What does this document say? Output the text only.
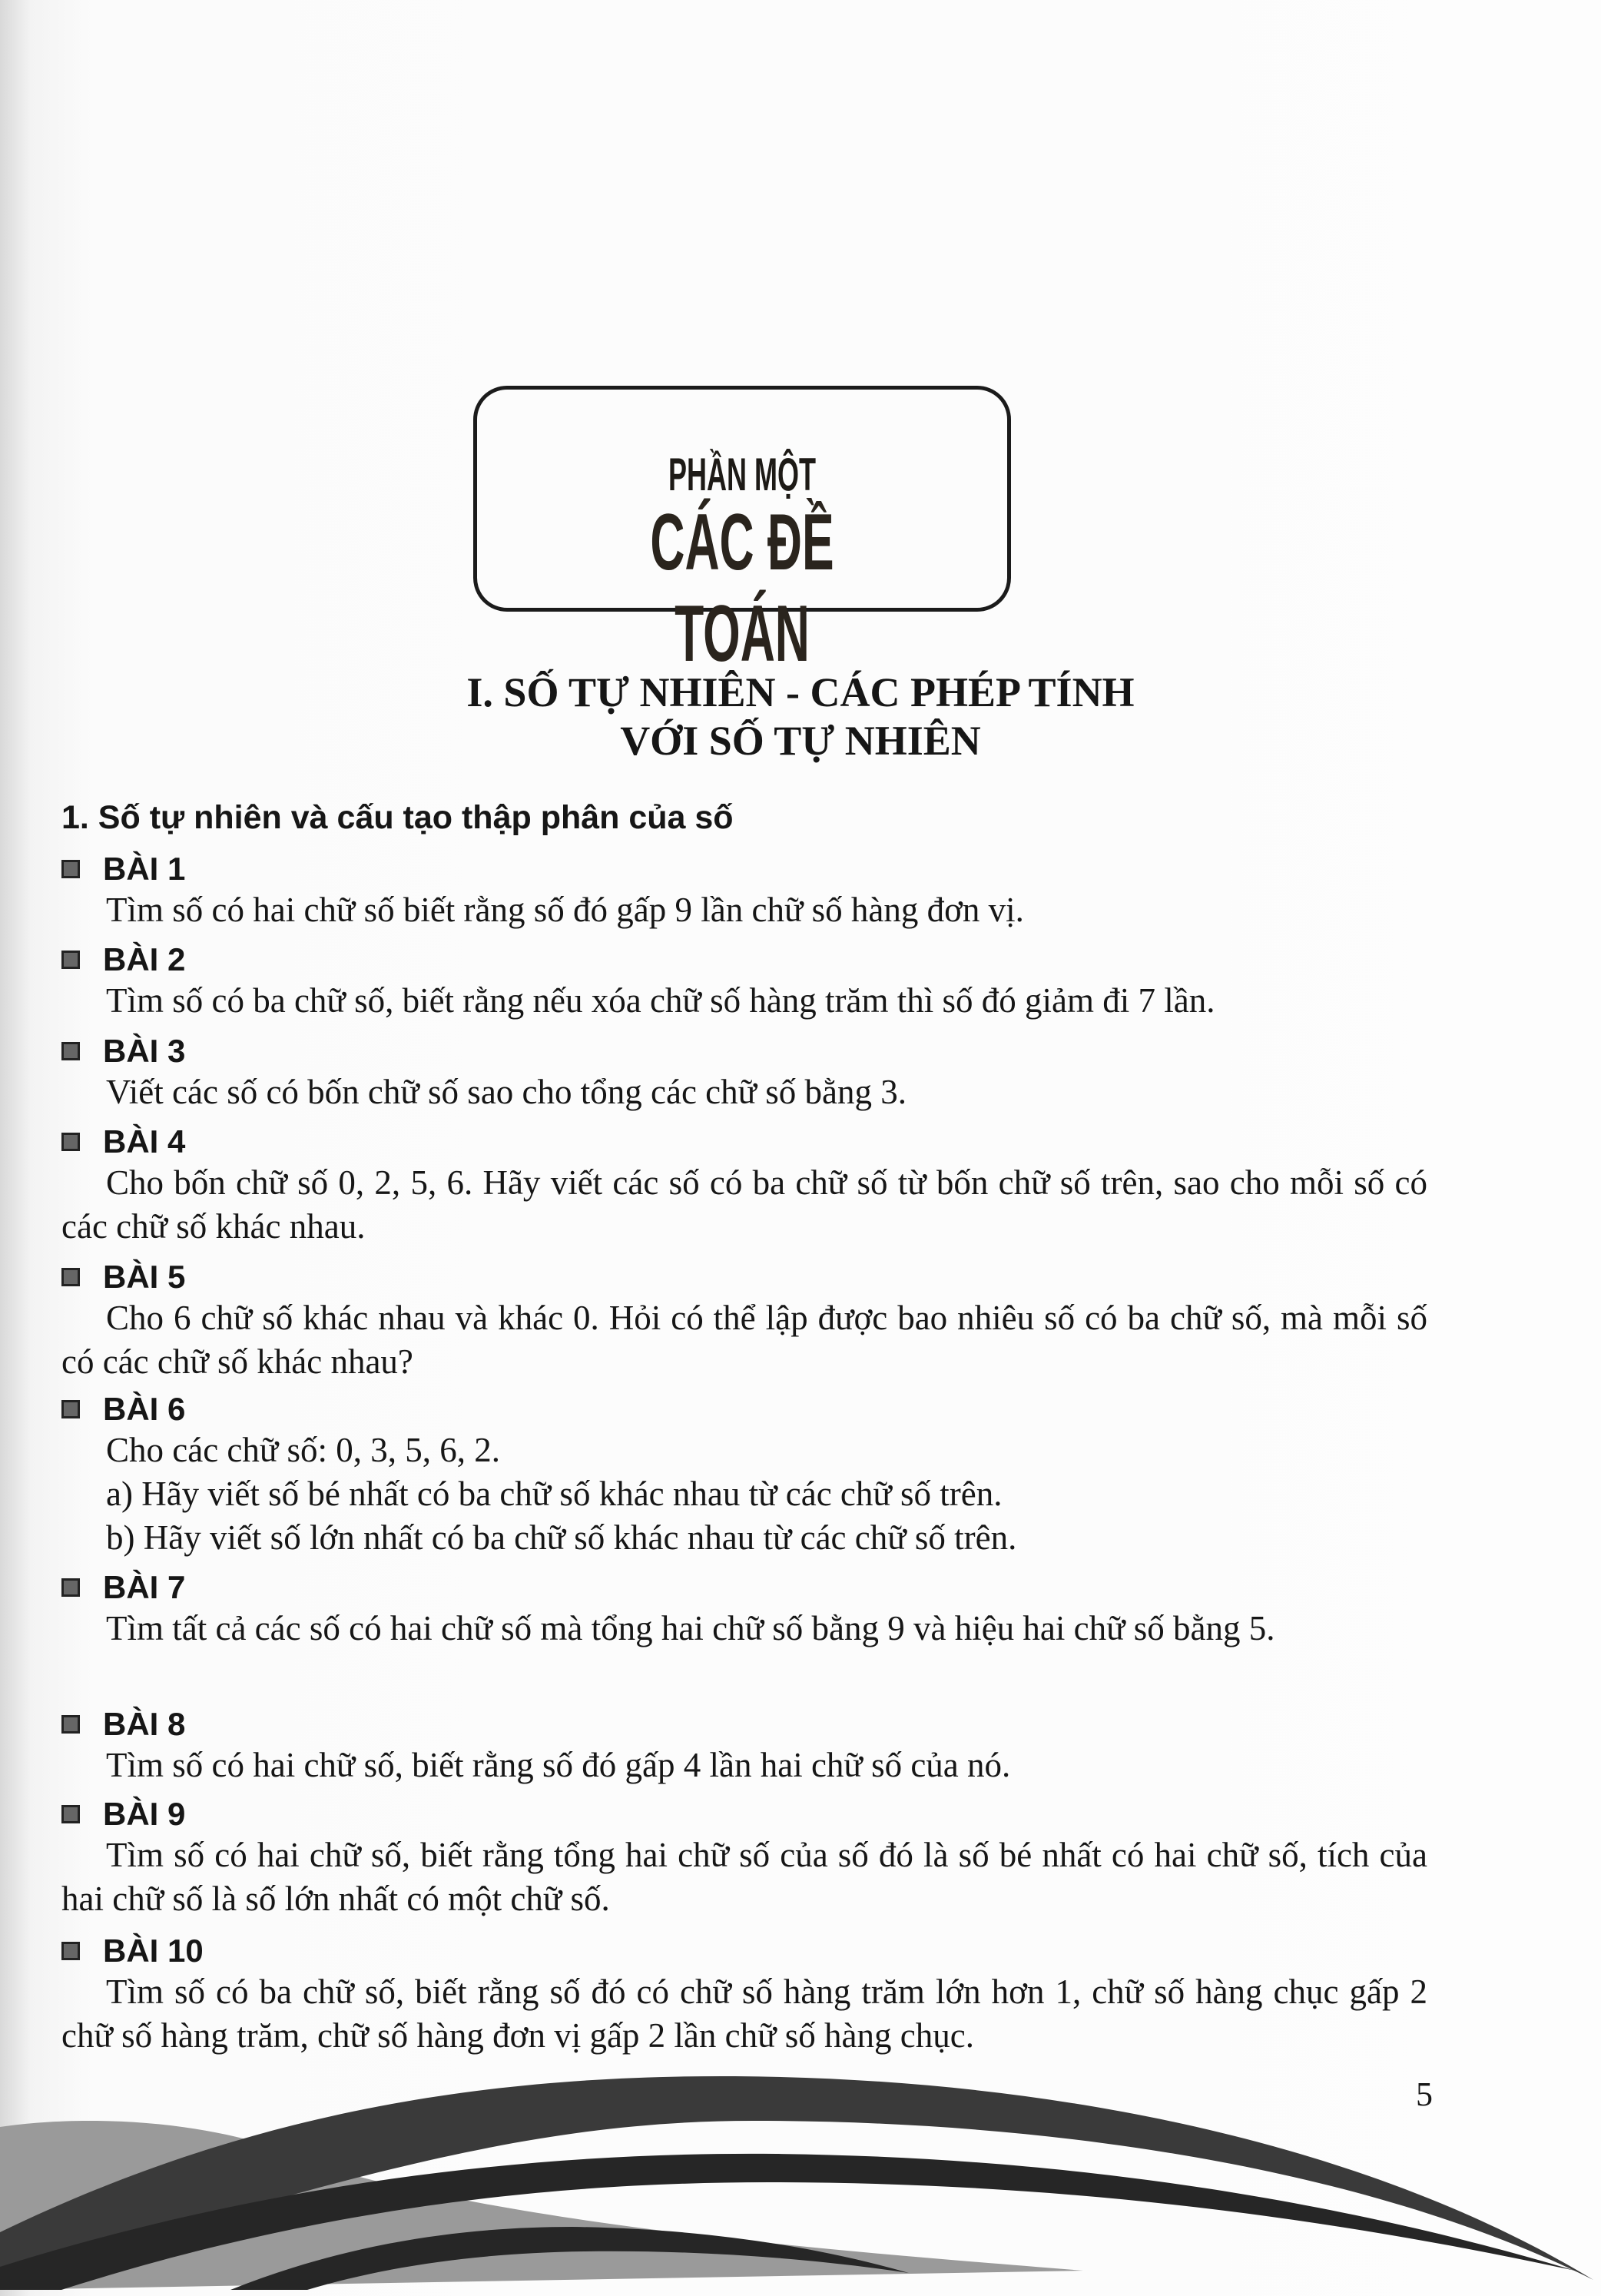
PHẦN MỘT
CÁC ĐỀ TOÁN
I. SỐ TỰ NHIÊN - CÁC PHÉP TÍNH
VỚI SỐ TỰ NHIÊN
1. Số tự nhiên và cấu tạo thập phân của số
BÀI 1
Tìm số có hai chữ số biết rằng số đó gấp 9 lần chữ số hàng đơn vị.
BÀI 2
Tìm số có ba chữ số, biết rằng nếu xóa chữ số hàng trăm thì số đó giảm đi 7 lần.
BÀI 3
Viết các số có bốn chữ số sao cho tổng các chữ số bằng 3.
BÀI 4
Cho bốn chữ số 0, 2, 5, 6. Hãy viết các số có ba chữ số từ bốn chữ số trên, sao cho mỗi số có các chữ số khác nhau.
BÀI 5
Cho 6 chữ số khác nhau và khác 0. Hỏi có thể lập được bao nhiêu số có ba chữ số, mà mỗi số có các chữ số khác nhau?
BÀI 6
Cho các chữ số: 0, 3, 5, 6, 2.
a) Hãy viết số bé nhất có ba chữ số khác nhau từ các chữ số trên.
b) Hãy viết số lớn nhất có ba chữ số khác nhau từ các chữ số trên.
BÀI 7
Tìm tất cả các số có hai chữ số mà tổng hai chữ số bằng 9 và hiệu hai chữ số bằng 5.
BÀI 8
Tìm số có hai chữ số, biết rằng số đó gấp 4 lần hai chữ số của nó.
BÀI 9
Tìm số có hai chữ số, biết rằng tổng hai chữ số của số đó là số bé nhất có hai chữ số, tích của hai chữ số là số lớn nhất có một chữ số.
BÀI 10
Tìm số có ba chữ số, biết rằng số đó có chữ số hàng trăm lớn hơn 1, chữ số hàng chục gấp 2 chữ số hàng trăm, chữ số hàng đơn vị gấp 2 lần chữ số hàng chục.
5
